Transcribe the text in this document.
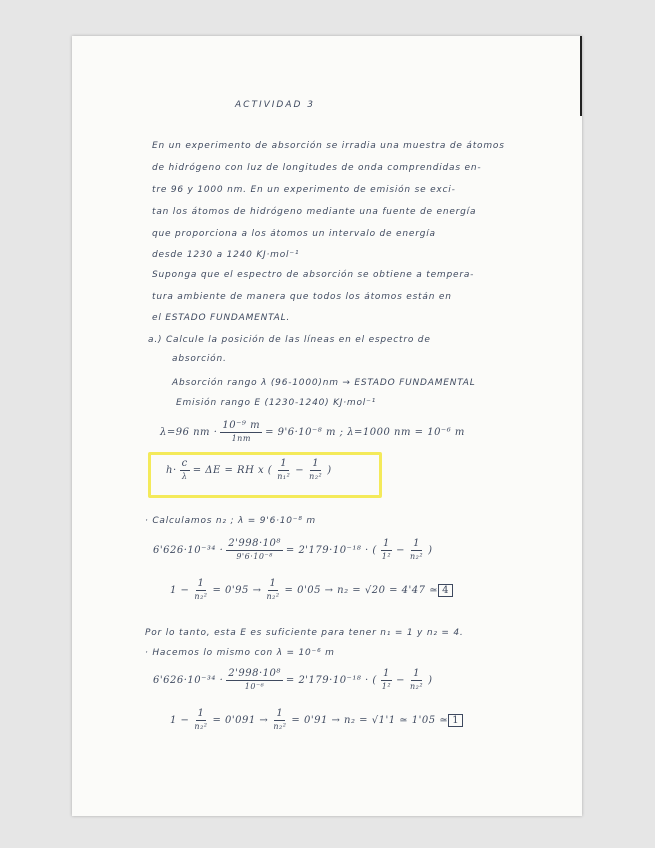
ACTIVIDAD 3
En un experimento de absorción se irradia una muestra de átomos
de hidrógeno con luz de longitudes de onda comprendidas en-
tre 96 y 1000 nm. En un experimento de emisión se exci-
tan los átomos de hidrógeno mediante una fuente de energía
que proporciona a los átomos un intervalo de energía
desde 1230 a 1240 KJ·mol⁻¹
Suponga que el espectro de absorción se obtiene a tempera-
tura ambiente de manera que todos los átomos están en
el ESTADO FUNDAMENTAL.
a.) Calcule la posición de las líneas en el espectro de
absorción.
Absorción rango λ (96-1000)nm → ESTADO FUNDAMENTAL
Emisión rango E (1230-1240) KJ·mol⁻¹
λ=96 nm · $\frac{\text{10⁻⁹ m}}{1nm} = 9'6\cdot 10^{-8}$ m ; λ=1000 nm = 10⁻⁶ m
$h\cdot \frac{c}{\lambda} = \Delta E$ = RH x ( $\frac{1}{\text{n₁²}} - \frac{1}{\text{n₂²}}$ )
· Calculamos n₂ ; λ = 9'6·10⁻⁸ m
$6'626\cdot 10^{-34} \cdot \frac{\text{2'998·10⁸}}{\text{9'6·10⁻⁸}} = 2'179\cdot 10^{-18}$ · ( $\frac{1}{\text{1²}} - \frac{1}{\text{n₂²}}$ )
$1 - \frac{1}{\text{n₂²}} = 0'95 \to \frac{1}{\text{n₂²}} = 0'05 \to n_2 = √20 = 4'47$ ≃ 4
Por lo tanto, esta E es suficiente para tener n₁ = 1 y n₂ = 4.
· Hacemos lo mismo con λ = 10⁻⁶ m
$6'626\cdot 10^{-34} \cdot \frac{\text{2'998·10⁸}}{\text{10⁻⁶}} = 2'179\cdot 10^{-18}$ · ( $\frac{1}{\text{1²}} - \frac{1}{\text{n₂²}}$ )
$1 - \frac{1}{\text{n₂²}} = 0'091 \to \frac{1}{\text{n₂²}} = 0'91 \to n_2 = √1'1$ ≃ 1'05 ≃ 1
